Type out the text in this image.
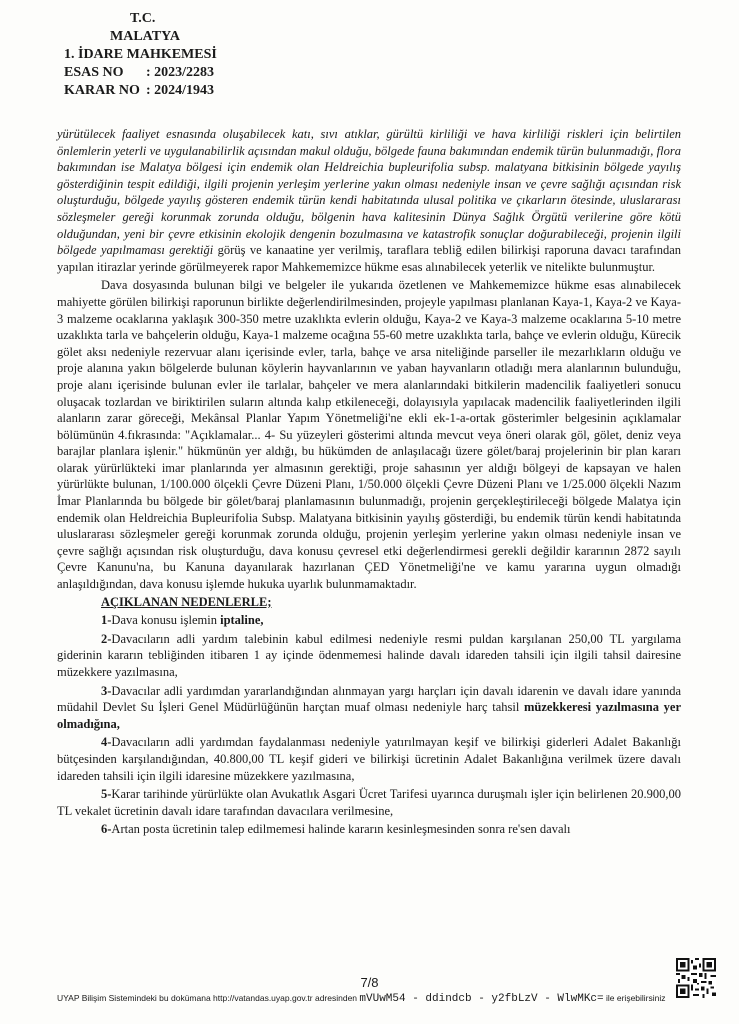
T.C.
MALATYA
1. İDARE MAHKEMESİ
ESAS NO	: 2023/2283
KARAR NO : 2024/1943

yürütülecek faaliyet esnasında oluşabilecek katı, sıvı atıklar, gürültü kirliliği ve hava kirliliği riskleri için belirtilen önlemlerin yeterli ve uygulanabilirlik açısından makul olduğu, bölgede fauna bakımından endemik türün bulunmadığı, flora bakımından ise Malatya bölgesi için endemik olan Heldreichia bupleurifolia subsp. malatyana bitkisinin bölgede yayılış gösterdiğinin tespit edildiği, ilgili projenin yerleşim yerlerine yakın olması nedeniyle insan ve çevre sağlığı açısından risk oluşturduğu, bölgede yayılış gösteren endemik türün kendi habitatında ulusal politika ve çıkarların ötesinde, uluslararası sözleşmeler gereği korunmak zorunda olduğu, bölgenin hava kalitesinin Dünya Sağlık Örgütü verilerine göre kötü olduğundan, yeni bir çevre etkisinin ekolojik dengenin bozulmasına ve katastrofik sonuçlar doğurabileceği, projenin ilgili bölgede yapılmaması gerektiği görüş ve kanaatine yer verilmiş, taraflara tebliğ edilen bilirkişi raporuna davacı tarafından yapılan itirazlar yerinde görülmeyerek rapor Mahkememizce hükme esas alınabilecek yeterlik ve nitelikte bulunmuştur.

Dava dosyasında bulunan bilgi ve belgeler ile yukarıda özetlenen ve Mahkememizce hükme esas alınabilecek mahiyette görülen bilirkişi raporunun birlikte değerlendirilmesinden, projeyle yapılması planlanan Kaya-1, Kaya-2 ve Kaya-3 malzeme ocaklarına yaklaşık 300-350 metre uzaklıkta evlerin olduğu, Kaya-2 ve Kaya-3 malzeme ocaklarına 5-10 metre uzaklıkta tarla ve bahçelerin olduğu, Kaya-1 malzeme ocağına 55-60 metre uzaklıkta tarla, bahçe ve evlerin olduğu, Kürecik gölet aksı nedeniyle rezervuar alanı içerisinde evler, tarla, bahçe ve arsa niteliğinde parseller ile mezarlıkların olduğu ve proje alanına yakın bölgelerde bulunan köylerin hayvanlarının ve yaban hayvanların otladığı mera alanlarının bulunduğu, proje alanı içerisinde bulunan evler ile tarlalar, bahçeler ve mera alanlarındaki bitkilerin madencilik faaliyetleri sonucu oluşacak tozlardan ve biriktirilen suların altında kalıp etkileneceği, dolayısıyla yapılacak madencilik faaliyetlerinden ilgili alanların zarar göreceği, Mekânsal Planlar Yapım Yönetmeliği'ne ekli ek-1-a-ortak gösterimler belgesinin açıklamalar bölümünün 4.fıkrasında: "Açıklamalar... 4- Su yüzeyleri gösterimi altında mevcut veya öneri olarak göl, gölet, deniz veya barajlar planlara işlenir." hükmünün yer aldığı, bu hükümden de anlaşılacağı üzere gölet/baraj projelerinin bir plan kararı olarak yürürlükteki imar planlarında yer almasının gerektiği, proje sahasının yer aldığı bölgeyi de kapsayan ve halen yürürlükte bulunan, 1/100.000 ölçekli Çevre Düzeni Planı, 1/50.000 ölçekli Çevre Düzeni Planı ve 1/25.000 ölçekli Nazım İmar Planlarında bu bölgede bir gölet/baraj planlamasının bulunmadığı, projenin gerçekleştirileceği bölgede Malatya için endemik olan Heldreichia Bupleurifolia Subsp. Malatyana bitkisinin yayılış gösterdiği, bu endemik türün kendi habitatında uluslararası sözleşmeler gereği korunmak zorunda olduğu, projenin yerleşim yerlerine yakın olması nedeniyle insan ve çevre sağlığı açısından risk oluşturduğu, dava konusu çevresel etki değerlendirmesi gerekli değildir kararının 2872 sayılı Çevre Kanunu'na, bu Kanuna dayanılarak hazırlanan ÇED Yönetmeliği'ne ve kamu yararına uygun olmadığı anlaşıldığından, dava konusu işlemde hukuka uyarlık bulunmamaktadır.

AÇIKLANAN NEDENLERLE;

1-Dava konusu işlemin iptaline,

2-Davacıların adli yardım talebinin kabul edilmesi nedeniyle resmi puldan karşılanan 250,00 TL yargılama giderinin kararın tebliğinden itibaren 1 ay içinde ödenmemesi halinde davalı idareden tahsili için ilgili tahsil dairesine müzekkere yazılmasına,

3-Davacılar adli yardımdan yararlandığından alınmayan yargı harçları için davalı idarenin ve davalı idare yanında müdahil Devlet Su İşleri Genel Müdürlüğünün harçtan muaf olması nedeniyle harç tahsil müzekkeresi yazılmasına yer olmadığına,

4-Davacıların adli yardımdan faydalanması nedeniyle yatırılmayan keşif ve bilirkişi giderleri Adalet Bakanlığı bütçesinden karşılandığından, 40.800,00 TL keşif gideri ve bilirkişi ücretinin Adalet Bakanlığına verilmek üzere davalı idareden tahsili için ilgili idaresine müzekkere yazılmasına,

5-Karar tarihinde yürürlükte olan Avukatlık Asgari Ücret Tarifesi uyarınca duruşmalı işler için belirlenen 20.900,00 TL vekalet ücretinin davalı idare tarafından davacılara verilmesine,

6-Artan posta ücretinin talep edilmemesi halinde kararın kesinleşmesinden sonra re'sen davalı

7/8
UYAP Bilişim Sistemindeki bu dokümana http://vatandas.uyap.gov.tr adresinden mVUwM54 - ddindcb - y2fbLzV - WlwMKc= ile erişebilirsiniz
